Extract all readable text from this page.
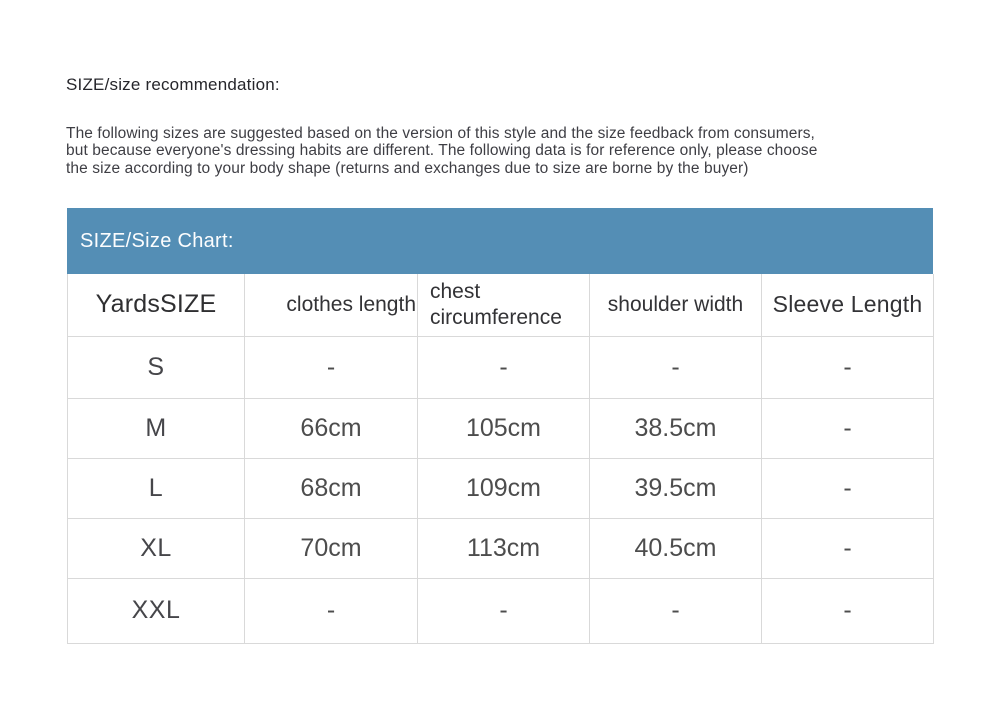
SIZE/size recommendation:
The following sizes are suggested based on the version of this style and the size feedback from consumers,
but because everyone's dressing habits are different. The following data is for reference only, please choose
the size according to your body shape (returns and exchanges due to size are borne by the buyer)
SIZE/Size Chart:
YardsSIZE	clothes length	chest circumference	shoulder width	Sleeve Length
S	-	-	-	-
M	66cm	105cm	38.5cm	-
L	68cm	109cm	39.5cm	-
XL	70cm	113cm	40.5cm	-
XXL	-	-	-	-
